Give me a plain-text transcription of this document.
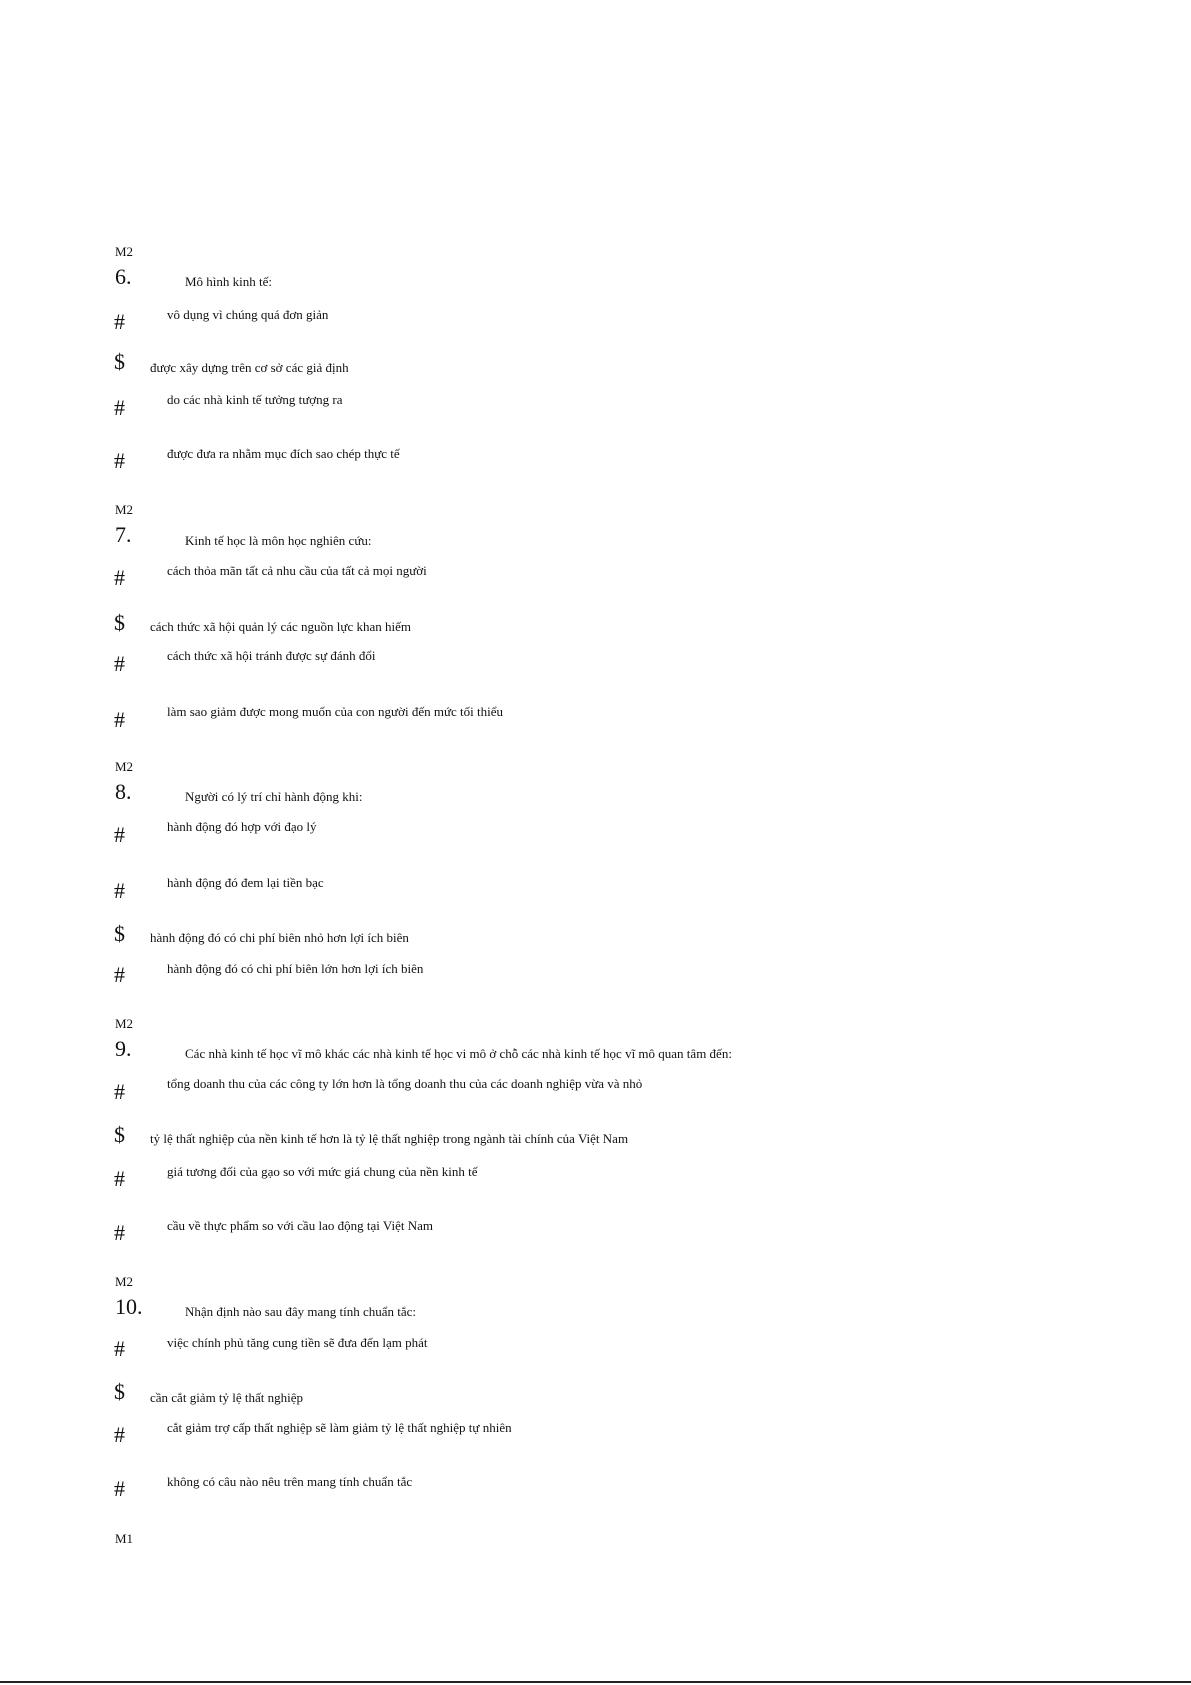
M2
6.	Mô hình kinh tế:
#	vô dụng vì chúng quá đơn giản
$ được xây dựng trên cơ sở các giả định
#	do các nhà kinh tế tưởng tượng ra
#	được đưa ra nhằm mục đích sao chép thực tế
M2
7.	Kinh tế học là môn học nghiên cứu:
#	cách thỏa mãn tất cả nhu cầu của tất cả mọi người
$ cách thức xã hội quản lý các nguồn lực khan hiếm
#	cách thức xã hội tránh được sự đánh đổi
#	làm sao giảm được mong muốn của con người đến mức tối thiểu
M2
8.	Người có lý trí chỉ hành động khi:
#	hành động đó hợp với đạo lý
#	hành động đó đem lại tiền bạc
$ hành động đó có chi phí biên nhỏ hơn lợi ích biên
#	hành động đó có chi phí biên lớn hơn lợi ích biên
M2
9.	Các nhà kinh tế học vĩ mô khác các nhà kinh tế học vi mô ở chỗ các nhà kinh tế học vĩ mô quan tâm đến:
#	tổng doanh thu của các công ty lớn hơn là tổng doanh thu của các doanh nghiệp vừa và nhỏ
$ tỷ lệ thất nghiệp của nền kinh tế hơn là tỷ lệ thất nghiệp trong ngành tài chính của Việt Nam
#	giá tương đối của gạo so với mức giá chung của nền kinh tế
#	cầu về thực phẩm so với cầu lao động tại Việt Nam
M2
10.	Nhận định nào sau đây mang tính chuẩn tắc:
#	việc chính phủ tăng cung tiền sẽ đưa đến lạm phát
$ cần cắt giảm tỷ lệ thất nghiệp
#	cắt giảm trợ cấp thất nghiệp sẽ làm giảm tỷ lệ thất nghiệp tự nhiên
#	không có câu nào nêu trên mang tính chuẩn tắc
M1
